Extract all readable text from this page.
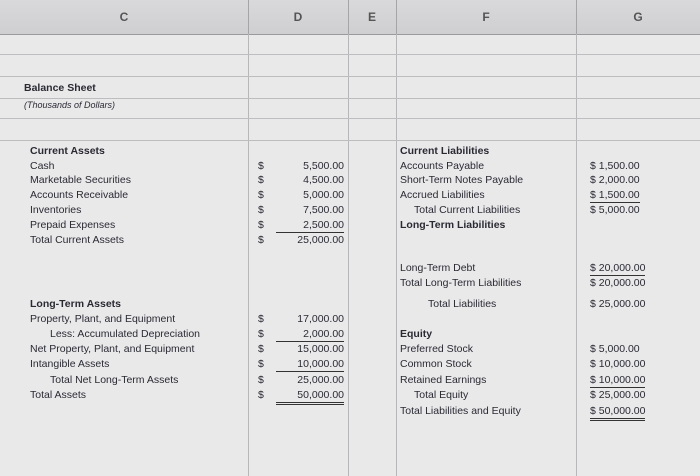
C	D	E	F	G
Balance Sheet
(Thousands of Dollars)
Current Assets
Cash	$	5,500.00
Marketable Securities	$	4,500.00
Accounts Receivable	$	5,000.00
Inventories	$	7,500.00
Prepaid Expenses	$	2,500.00
Total Current Assets	$	25,000.00
Long-Term Assets
Property, Plant, and Equipment	$	17,000.00
Less: Accumulated Depreciation	$	2,000.00
Net Property, Plant, and Equipment	$	15,000.00
Intangible Assets	$	10,000.00
Total Net Long-Term Assets	$	25,000.00
Total Assets	$	50,000.00
Current Liabilities
Accounts Payable	$ 1,500.00
Short-Term Notes Payable	$ 2,000.00
Accrued Liabilities	$ 1,500.00
Total Current Liabilities	$ 5,000.00
Long-Term Liabilities
Long-Term Debt	$ 20,000.00
Total Long-Term Liabilities	$ 20,000.00
Total Liabilities	$ 25,000.00
Equity
Preferred Stock	$ 5,000.00
Common Stock	$ 10,000.00
Retained Earnings	$ 10,000.00
Total Equity	$ 25,000.00
Total Liabilities and Equity	$ 50,000.00
